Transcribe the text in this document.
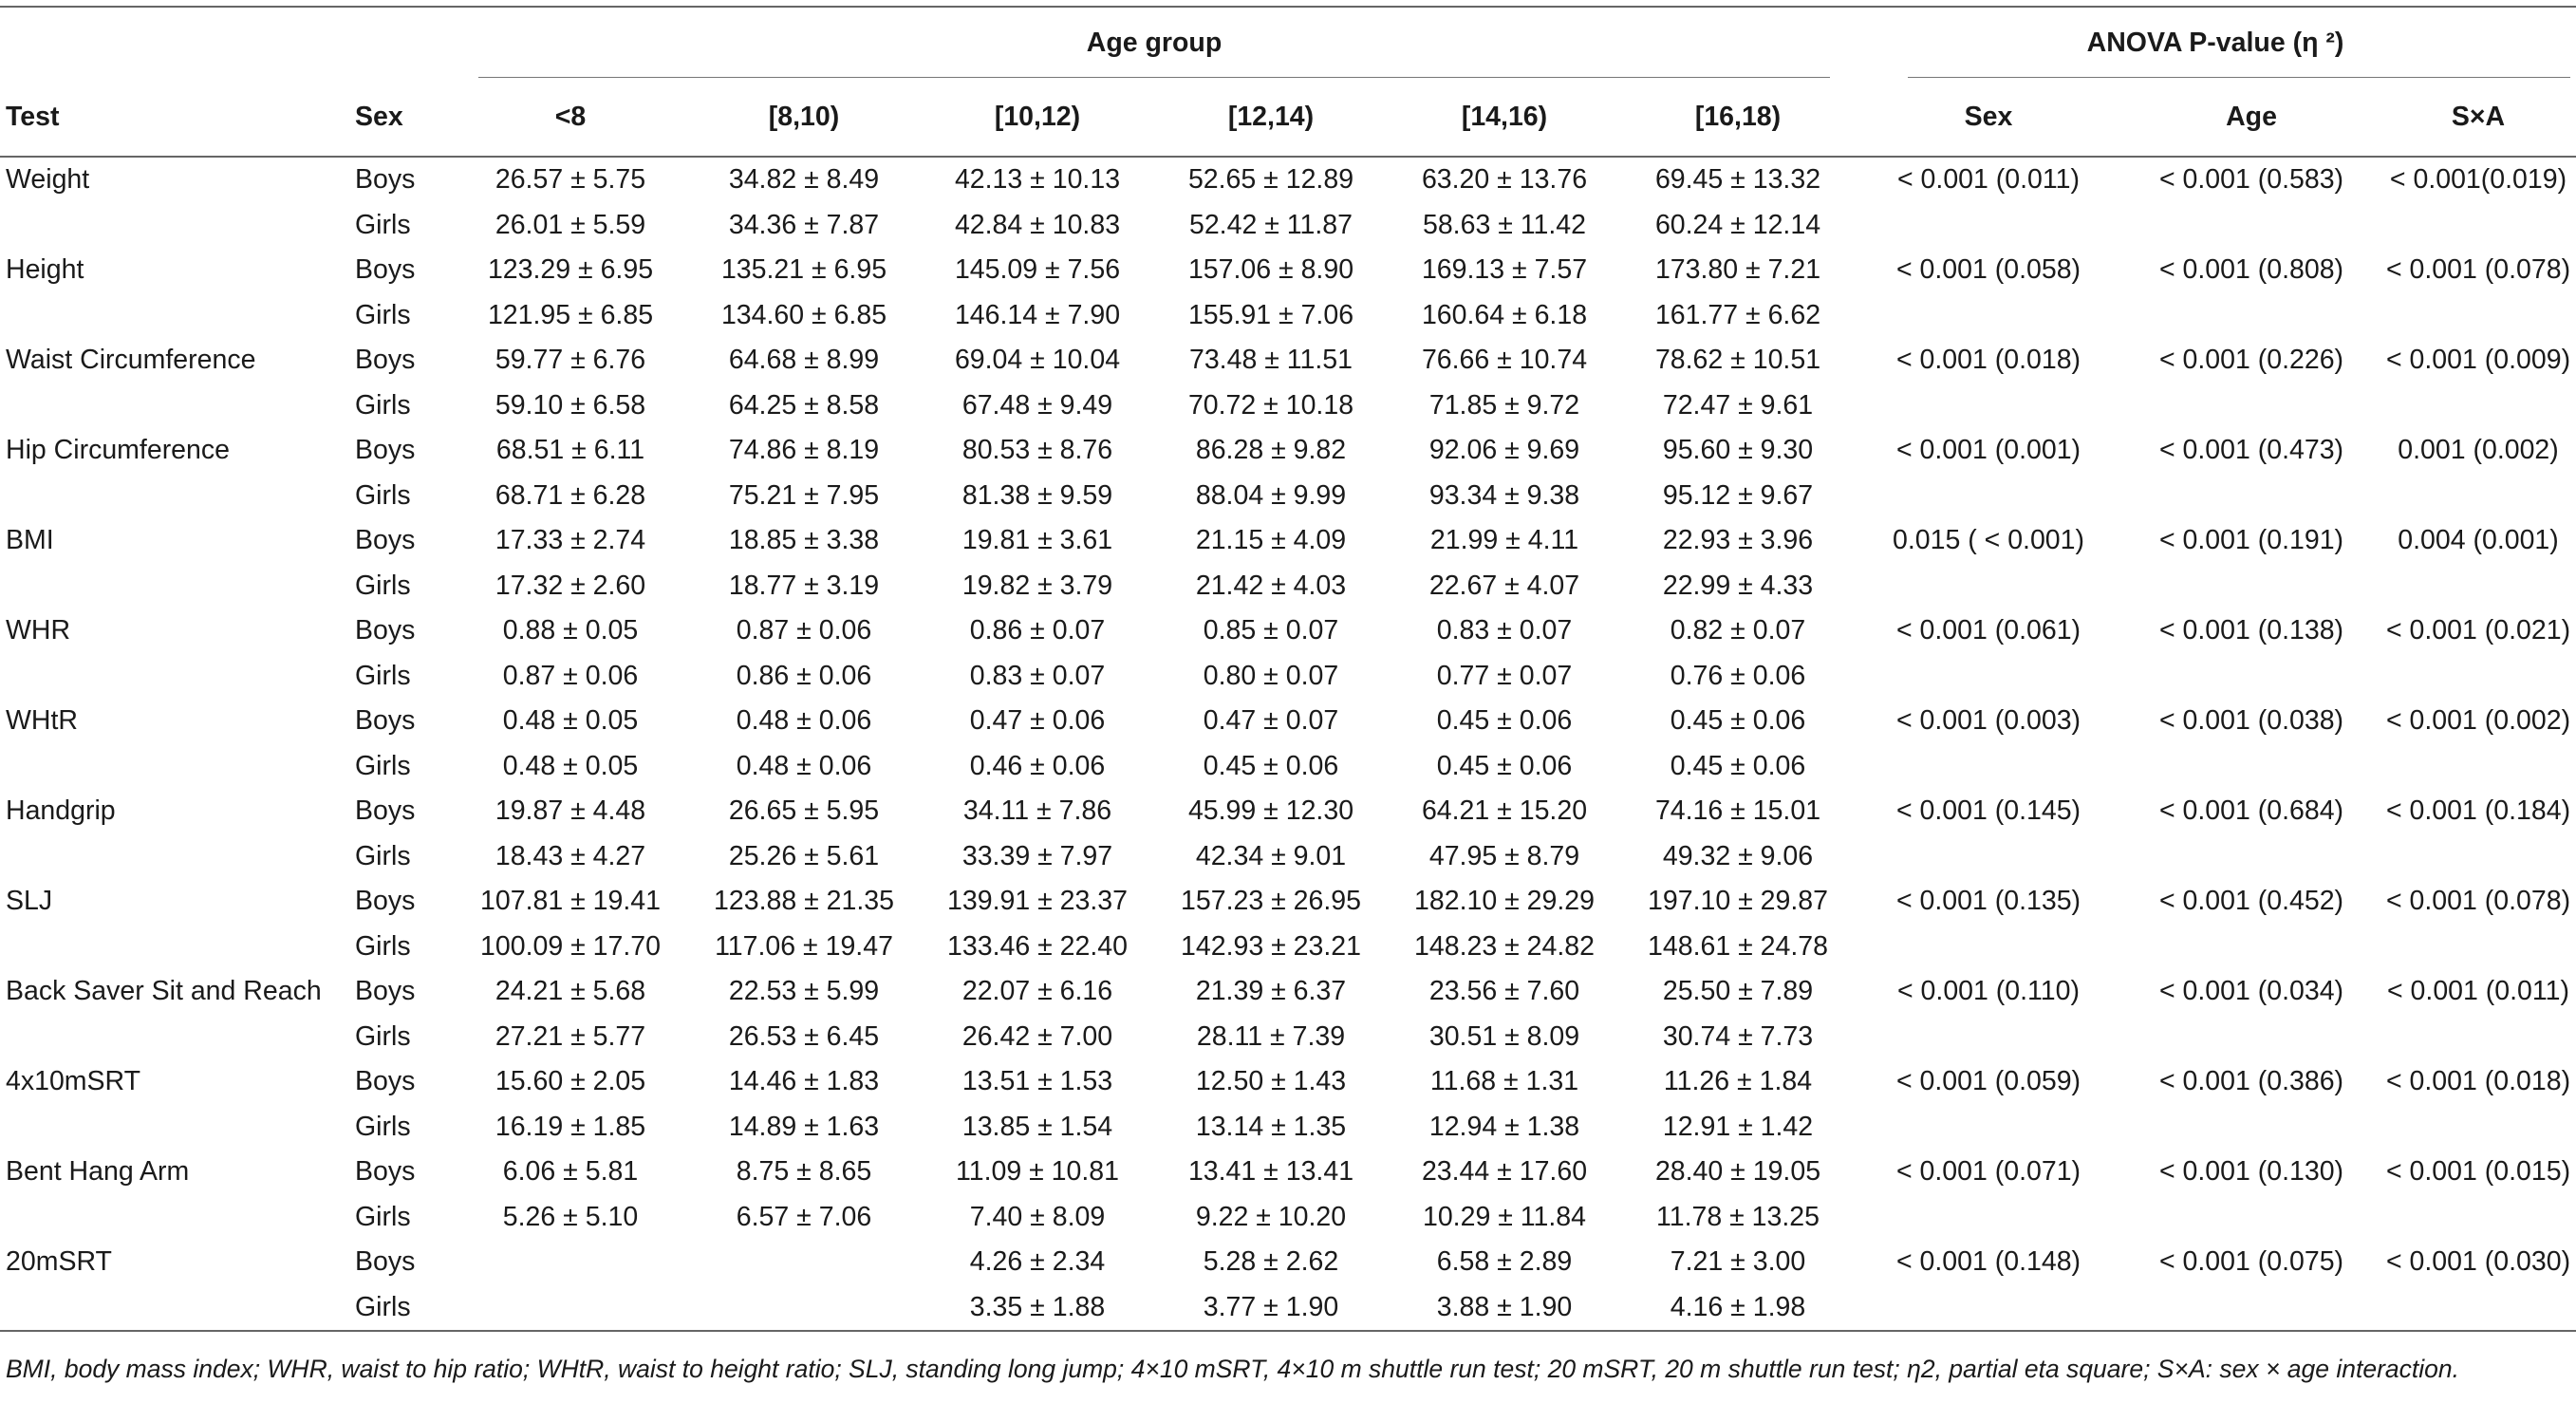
		Age group						ANOVA P-value (η ²)		
Test	Sex	<8	[8,10)	[10,12)	[12,14)	[14,16)	[16,18)	Sex	Age	S×A
Weight	Boys	26.57 ± 5.75	34.82 ± 8.49	42.13 ± 10.13	52.65 ± 12.89	63.20 ± 13.76	69.45 ± 13.32	< 0.001 (0.011)	< 0.001 (0.583)	< 0.001(0.019)
	Girls	26.01 ± 5.59	34.36 ± 7.87	42.84 ± 10.83	52.42 ± 11.87	58.63 ± 11.42	60.24 ± 12.14			
Height	Boys	123.29 ± 6.95	135.21 ± 6.95	145.09 ± 7.56	157.06 ± 8.90	169.13 ± 7.57	173.80 ± 7.21	< 0.001 (0.058)	< 0.001 (0.808)	< 0.001 (0.078)
	Girls	121.95 ± 6.85	134.60 ± 6.85	146.14 ± 7.90	155.91 ± 7.06	160.64 ± 6.18	161.77 ± 6.62			
Waist Circumference	Boys	59.77 ± 6.76	64.68 ± 8.99	69.04 ± 10.04	73.48 ± 11.51	76.66 ± 10.74	78.62 ± 10.51	< 0.001 (0.018)	< 0.001 (0.226)	< 0.001 (0.009)
	Girls	59.10 ± 6.58	64.25 ± 8.58	67.48 ± 9.49	70.72 ± 10.18	71.85 ± 9.72	72.47 ± 9.61			
Hip Circumference	Boys	68.51 ± 6.11	74.86 ± 8.19	80.53 ± 8.76	86.28 ± 9.82	92.06 ± 9.69	95.60 ± 9.30	< 0.001 (0.001)	< 0.001 (0.473)	0.001 (0.002)
	Girls	68.71 ± 6.28	75.21 ± 7.95	81.38 ± 9.59	88.04 ± 9.99	93.34 ± 9.38	95.12 ± 9.67			
BMI	Boys	17.33 ± 2.74	18.85 ± 3.38	19.81 ± 3.61	21.15 ± 4.09	21.99 ± 4.11	22.93 ± 3.96	0.015 ( < 0.001)	< 0.001 (0.191)	0.004 (0.001)
	Girls	17.32 ± 2.60	18.77 ± 3.19	19.82 ± 3.79	21.42 ± 4.03	22.67 ± 4.07	22.99 ± 4.33			
WHR	Boys	0.88 ± 0.05	0.87 ± 0.06	0.86 ± 0.07	0.85 ± 0.07	0.83 ± 0.07	0.82 ± 0.07	< 0.001 (0.061)	< 0.001 (0.138)	< 0.001 (0.021)
	Girls	0.87 ± 0.06	0.86 ± 0.06	0.83 ± 0.07	0.80 ± 0.07	0.77 ± 0.07	0.76 ± 0.06			
WHtR	Boys	0.48 ± 0.05	0.48 ± 0.06	0.47 ± 0.06	0.47 ± 0.07	0.45 ± 0.06	0.45 ± 0.06	< 0.001 (0.003)	< 0.001 (0.038)	< 0.001 (0.002)
	Girls	0.48 ± 0.05	0.48 ± 0.06	0.46 ± 0.06	0.45 ± 0.06	0.45 ± 0.06	0.45 ± 0.06			
Handgrip	Boys	19.87 ± 4.48	26.65 ± 5.95	34.11 ± 7.86	45.99 ± 12.30	64.21 ± 15.20	74.16 ± 15.01	< 0.001 (0.145)	< 0.001 (0.684)	< 0.001 (0.184)
	Girls	18.43 ± 4.27	25.26 ± 5.61	33.39 ± 7.97	42.34 ± 9.01	47.95 ± 8.79	49.32 ± 9.06			
SLJ	Boys	107.81 ± 19.41	123.88 ± 21.35	139.91 ± 23.37	157.23 ± 26.95	182.10 ± 29.29	197.10 ± 29.87	< 0.001 (0.135)	< 0.001 (0.452)	< 0.001 (0.078)
	Girls	100.09 ± 17.70	117.06 ± 19.47	133.46 ± 22.40	142.93 ± 23.21	148.23 ± 24.82	148.61 ± 24.78			
Back Saver Sit and Reach	Boys	24.21 ± 5.68	22.53 ± 5.99	22.07 ± 6.16	21.39 ± 6.37	23.56 ± 7.60	25.50 ± 7.89	< 0.001 (0.110)	< 0.001 (0.034)	< 0.001 (0.011)
	Girls	27.21 ± 5.77	26.53 ± 6.45	26.42 ± 7.00	28.11 ± 7.39	30.51 ± 8.09	30.74 ± 7.73			
4x10mSRT	Boys	15.60 ± 2.05	14.46 ± 1.83	13.51 ± 1.53	12.50 ± 1.43	11.68 ± 1.31	11.26 ± 1.84	< 0.001 (0.059)	< 0.001 (0.386)	< 0.001 (0.018)
	Girls	16.19 ± 1.85	14.89 ± 1.63	13.85 ± 1.54	13.14 ± 1.35	12.94 ± 1.38	12.91 ± 1.42			
Bent Hang Arm	Boys	6.06 ± 5.81	8.75 ± 8.65	11.09 ± 10.81	13.41 ± 13.41	23.44 ± 17.60	28.40 ± 19.05	< 0.001 (0.071)	< 0.001 (0.130)	< 0.001 (0.015)
	Girls	5.26 ± 5.10	6.57 ± 7.06	7.40 ± 8.09	9.22 ± 10.20	10.29 ± 11.84	11.78 ± 13.25			
20mSRT	Boys			4.26 ± 2.34	5.28 ± 2.62	6.58 ± 2.89	7.21 ± 3.00	< 0.001 (0.148)	< 0.001 (0.075)	< 0.001 (0.030)
	Girls			3.35 ± 1.88	3.77 ± 1.90	3.88 ± 1.90	4.16 ± 1.98			
BMI, body mass index; WHR, waist to hip ratio; WHtR, waist to height ratio; SLJ, standing long jump; 4×10 mSRT, 4×10 m shuttle run test; 20 mSRT, 20 m shuttle run test; η2, partial eta square; S×A: sex × age interaction.
